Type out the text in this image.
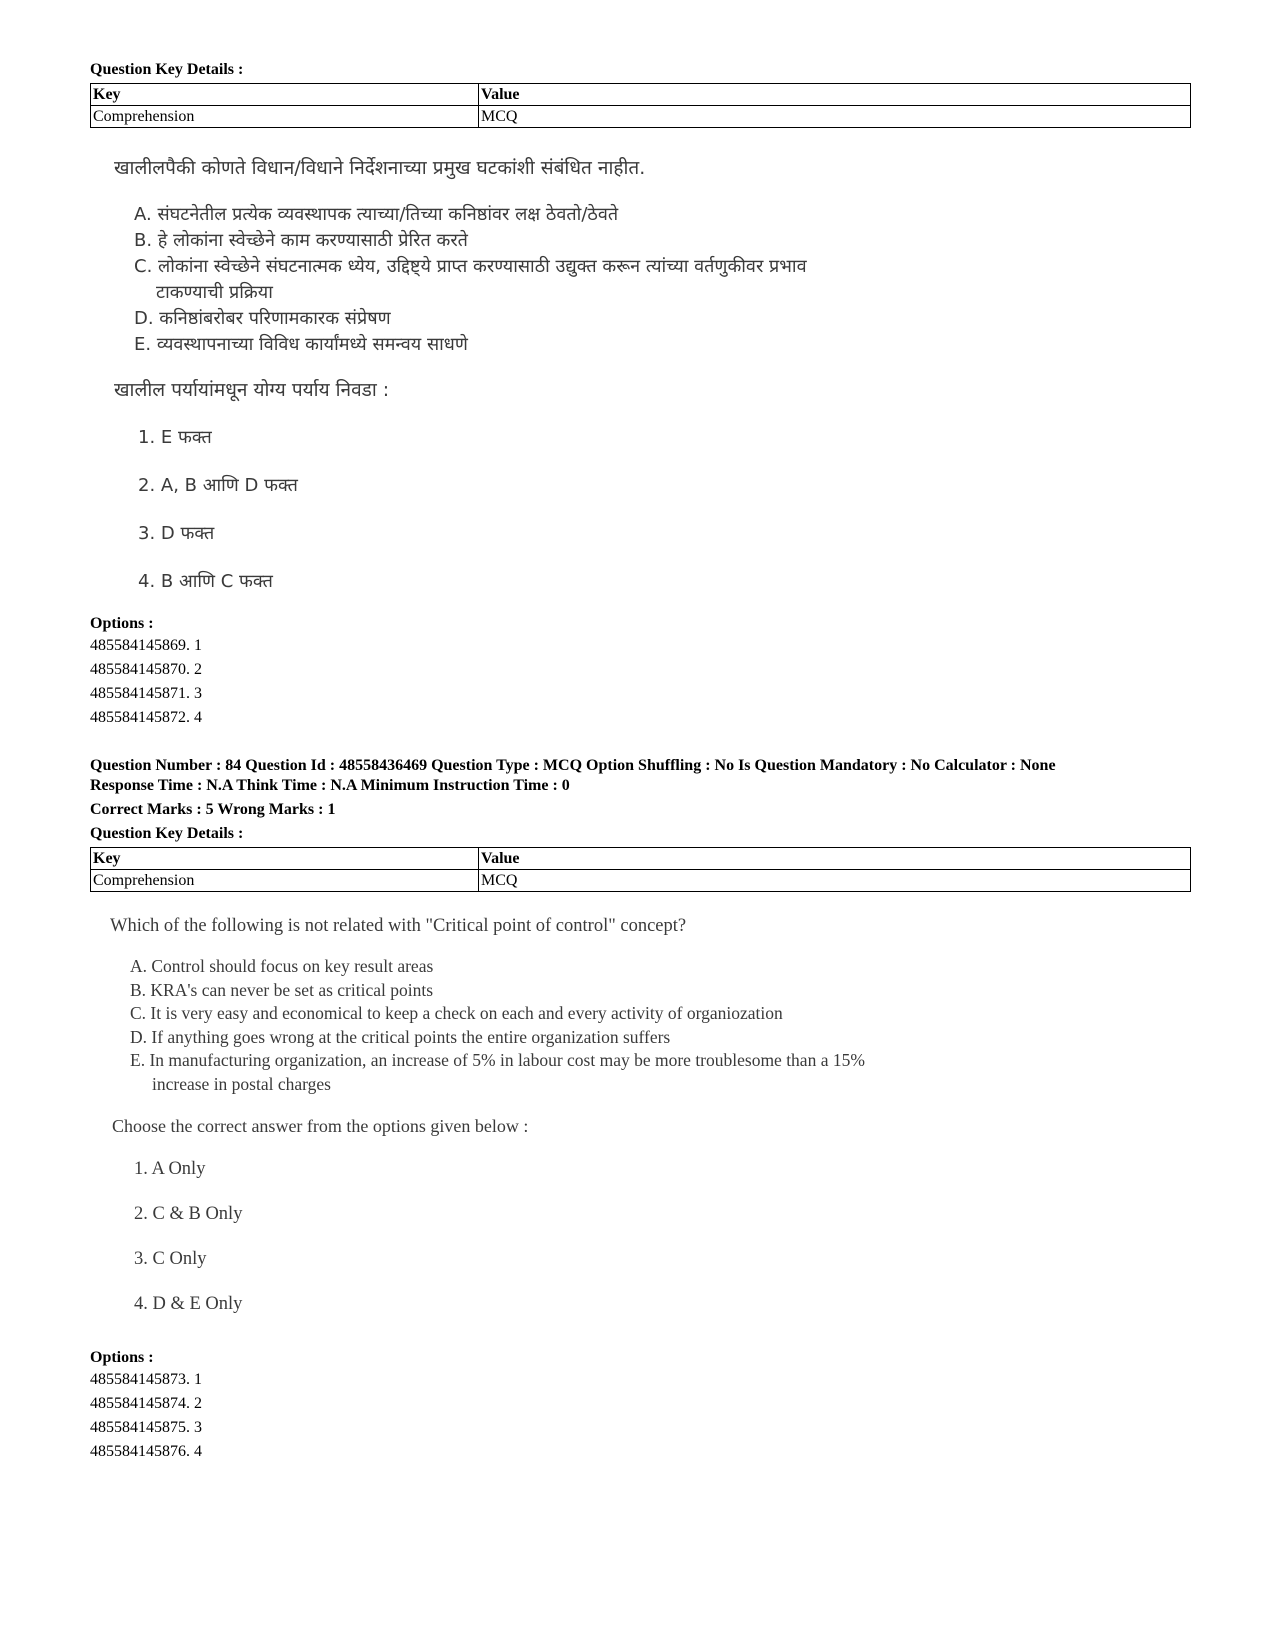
Question Key Details :
Key	Value
Comprehension	MCQ
खालीलपैकी कोणते विधान/विधाने निर्देशनाच्या प्रमुख घटकांशी संबंधित नाहीत.
A. संघटनेतील प्रत्येक व्यवस्थापक त्याच्या/तिच्या कनिष्ठांवर लक्ष ठेवतो/ठेवते
B. हे लोकांना स्वेच्छेने काम करण्यासाठी प्रेरित करते
C. लोकांना स्वेच्छेने संघटनात्मक ध्येय, उद्दिष्ट्ये प्राप्त करण्यासाठी उद्युक्त करून त्यांच्या वर्तणुकीवर प्रभाव
टाकण्याची प्रक्रिया
D. कनिष्ठांबरोबर परिणामकारक संप्रेषण
E. व्यवस्थापनाच्या विविध कार्यांमध्ये समन्वय साधणे
खालील पर्यायांमधून योग्य पर्याय निवडा :
1. E फक्त
2. A, B आणि D फक्त
3. D फक्त
4. B आणि C फक्त
Options :
485584145869. 1
485584145870. 2
485584145871. 3
485584145872. 4
Question Number : 84 Question Id : 48558436469 Question Type : MCQ Option Shuffling : No Is Question Mandatory : No Calculator : None
Response Time : N.A Think Time : N.A Minimum Instruction Time : 0
Correct Marks : 5 Wrong Marks : 1
Question Key Details :
Key	Value
Comprehension	MCQ
Which of the following is not related with "Critical point of control" concept?
A. Control should focus on key result areas
B. KRA's can never be set as critical points
C. It is very easy and economical to keep a check on each and every activity of organiozation
D. If anything goes wrong at the critical points the entire organization suffers
E. In manufacturing organization, an increase of 5% in labour cost may be more troublesome than a 15%
increase in postal charges
Choose the correct answer from the options given below :
1. A Only
2. C & B Only
3. C Only
4. D & E Only
Options :
485584145873. 1
485584145874. 2
485584145875. 3
485584145876. 4
